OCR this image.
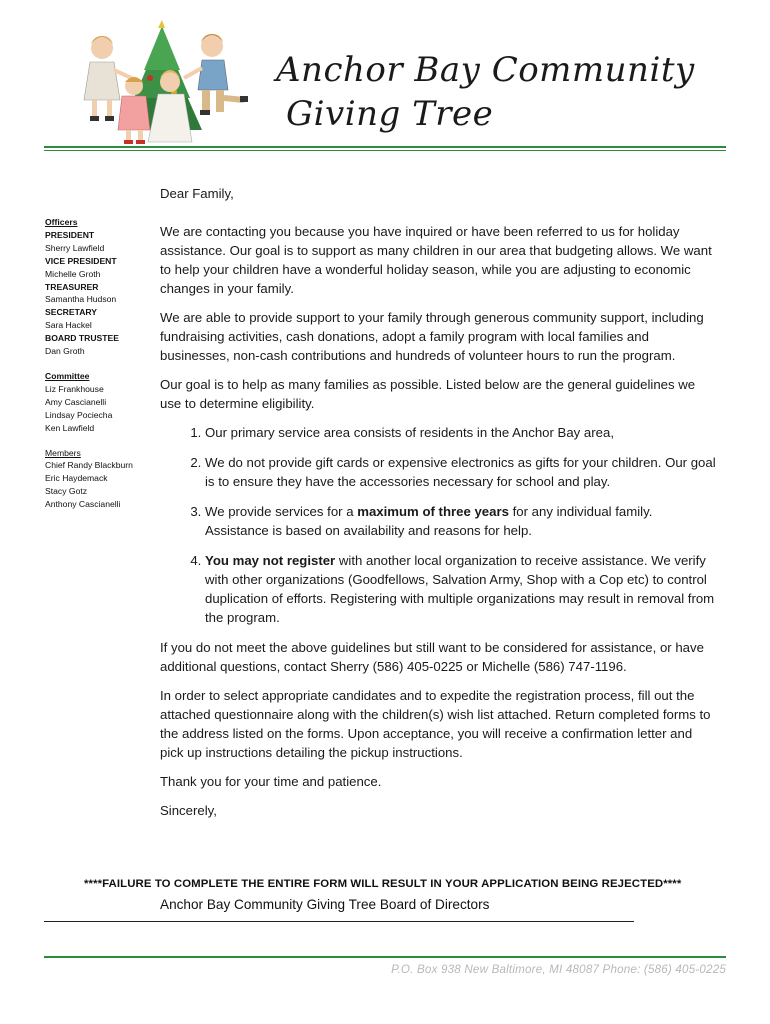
Anchor Bay Community
Giving Tree
Officers
PRESIDENT
Sherry Lawfield
VICE PRESIDENT
Michelle Groth
TREASURER
Samantha Hudson
SECRETARY
Sara Hackel
BOARD TRUSTEE
Dan Groth
Committee
Liz Frankhouse
Amy Cascianelli
Lindsay Pociecha
Ken Lawfield
Members
Chief Randy Blackburn
Eric Haydemack
Stacy Gotz
Anthony Cascianelli

Dear Family,

We are contacting you because you have inquired or have been referred to us for holiday assistance. Our goal is to support as many children in our area that budgeting allows. We want to help your children have a wonderful holiday season, while you are adjusting to economic changes in your family.

We are able to provide support to your family through generous community support, including fundraising activities, cash donations, adopt a family program with local families and businesses, non-cash contributions and hundreds of volunteer hours to run the program.

Our goal is to help as many families as possible. Listed below are the general guidelines we use to determine eligibility.

1. Our primary service area consists of residents in the Anchor Bay area,
2. We do not provide gift cards or expensive electronics as gifts for your children. Our goal is to ensure they have the accessories necessary for school and play.
3. We provide services for a maximum of three years for any individual family. Assistance is based on availability and reasons for help.
4. You may not register with another local organization to receive assistance. We verify with other organizations (Goodfellows, Salvation Army, Shop with a Cop etc) to control duplication of efforts. Registering with multiple organizations may result in removal from the program.

If you do not meet the above guidelines but still want to be considered for assistance, or have additional questions, contact Sherry (586) 405-0225 or Michelle (586) 747-1196.

In order to select appropriate candidates and to expedite the registration process, fill out the attached questionnaire along with the children(s) wish list attached. Return completed forms to the address listed on the forms. Upon acceptance, you will receive a confirmation letter and pick up instructions detailing the pickup instructions.

Thank you for your time and patience.

Sincerely,

****FAILURE TO COMPLETE THE ENTIRE FORM WILL RESULT IN YOUR APPLICATION BEING REJECTED****
Anchor Bay Community Giving Tree Board of Directors
P.O. Box 938 New Baltimore, MI 48087 Phone: (586) 405-0225
